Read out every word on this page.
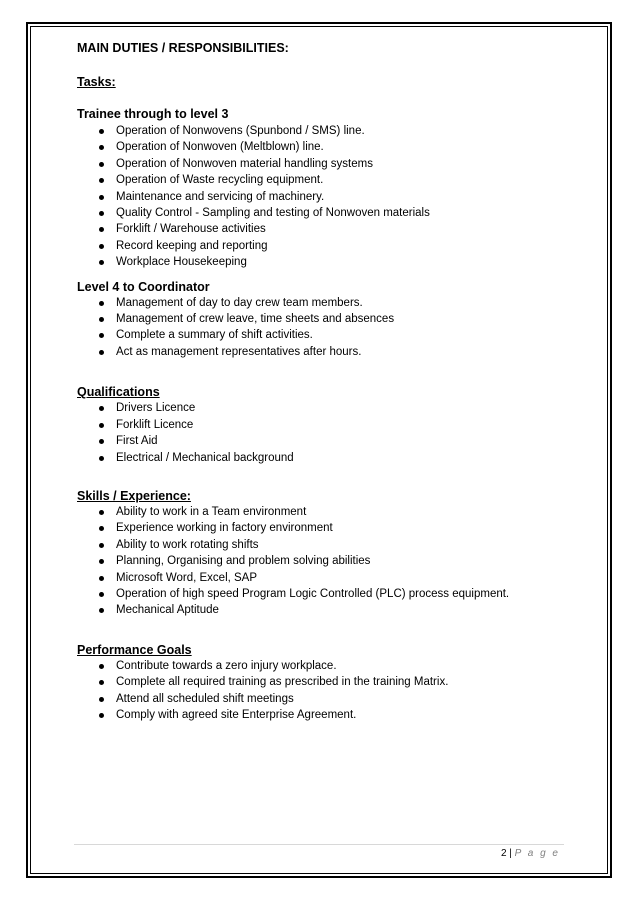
MAIN DUTIES / RESPONSIBILITIES:

Tasks:

Trainee through to level 3

Operation of Nonwovens (Spunbond / SMS) line.
Operation of Nonwoven (Meltblown) line.
Operation of Nonwoven material handling systems
Operation of Waste recycling equipment.
Maintenance and servicing of machinery.
Quality Control - Sampling and testing of Nonwoven materials
Forklift / Warehouse activities
Record keeping and reporting
Workplace Housekeeping

Level 4 to Coordinator

Management of day to day crew team members.
Management of crew leave, time sheets and absences
Complete a summary of shift activities.
Act as management representatives after hours.

Qualifications

Drivers Licence
Forklift Licence
First Aid
Electrical / Mechanical background

Skills / Experience:

Ability to work in a Team environment
Experience working in factory environment
Ability to work rotating shifts
Planning, Organising and problem solving abilities
Microsoft Word, Excel, SAP
Operation of high speed Program Logic Controlled (PLC) process equipment.
Mechanical Aptitude

Performance Goals

Contribute towards a zero injury workplace.
Complete all required training as prescribed in the training Matrix.
Attend all scheduled shift meetings
Comply with agreed site Enterprise Agreement.
2 | P a g e
